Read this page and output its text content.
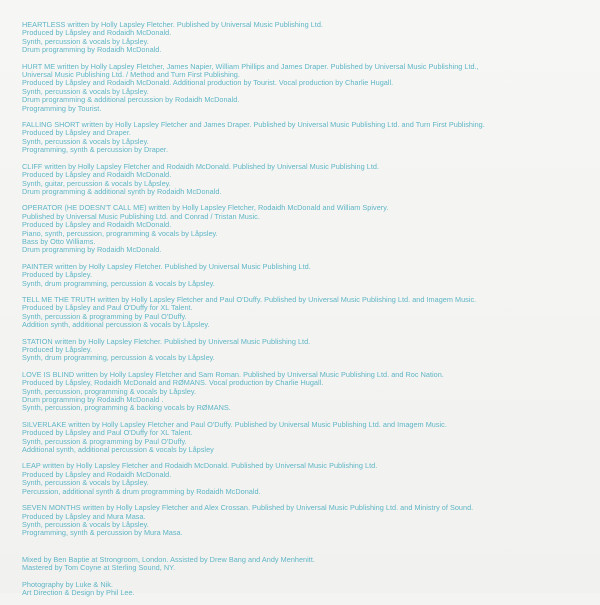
HEARTLESS written by Holly Lapsley Fletcher. Published by Universal Music Publishing Ltd.
Produced by Låpsley and Rodaidh McDonald.
Synth, percussion & vocals by Låpsley.
Drum programming by Rodaidh McDonald.
HURT ME written by Holly Lapsley Fletcher, James Napier, William Phillips and James Draper. Published by Universal Music Publishing Ltd.,
Universal Music Publishing Ltd. / Method and Turn First Publishing.
Produced by Låpsley and Rodaidh McDonald. Additional production by Tourist. Vocal production by Charlie Hugall.
Synth, percussion & vocals by Låpsley.
Drum programming & additional percussion by Rodaidh McDonald.
Programming by Tourist.
FALLING SHORT written by Holly Lapsley Fletcher and James Draper. Published by Universal Music Publishing Ltd. and Turn First Publishing.
Produced by Låpsley and Draper.
Synth, percussion & vocals by Låpsley.
Programming, synth & percussion by Draper.
CLIFF written by Holly Lapsley Fletcher and Rodaidh McDonald. Published by Universal Music Publishing Ltd.
Produced by Låpsley and Rodaidh McDonald.
Synth, guitar, percussion & vocals by Låpsley.
Drum programming & additional synth by Rodaidh McDonald.
OPERATOR (HE DOESN'T CALL ME) written by Holly Lapsley Fletcher, Rodaidh McDonald and William Spivery.
Published by Universal Music Publishing Ltd. and Conrad / Tristan Music.
Produced by Låpsley and Rodaidh McDonald.
Piano, synth, percussion, programming & vocals by Låpsley.
Bass by Otto Williams.
Drum programming by Rodaidh McDonald.
PAINTER written by Holly Lapsley Fletcher. Published by Universal Music Publishing Ltd.
Produced by Låpsley.
Synth, drum programming, percussion & vocals by Låpsley.
TELL ME THE TRUTH written by Holly Lapsley Fletcher and Paul O'Duffy. Published by Universal Music Publishing Ltd. and Imagem Music.
Produced by Låpsley and Paul O'Duffy for XL Talent.
Synth, percussion & programming by Paul O'Duffy.
Addition synth, additional percussion & vocals by Låpsley.
STATION written by Holly Lapsley Fletcher. Published by Universal Music Publishing Ltd.
Produced by Låpsley.
Synth, drum programming, percussion & vocals by Låpsley.
LOVE IS BLIND written by Holly Lapsley Fletcher and Sam Roman. Published by Universal Music Publishing Ltd. and Roc Nation.
Produced by Låpsley, Rodaidh McDonald and RØMANS. Vocal production by Charlie Hugall.
Synth, percussion, programming & vocals by Låpsley.
Drum programming by Rodaidh McDonald .
Synth, percussion, programming & backing vocals by RØMANS.
SILVERLAKE written by Holly Lapsley Fletcher and Paul O'Duffy. Published by Universal Music Publishing Ltd. and Imagem Music.
Produced by Låpsley and Paul O'Duffy for XL Talent.
Synth, percussion & programming by Paul O'Duffy.
Additional synth, additional percussion & vocals by Låpsley
LEAP written by Holly Lapsley Fletcher and Rodaidh McDonald. Published by Universal Music Publishing Ltd.
Produced by Låpsley and Rodaidh McDonald.
Synth, percussion & vocals by Låpsley.
Percussion, additional synth & drum programming by Rodaidh McDonald.
SEVEN MONTHS written by Holly Lapsley Fletcher and Alex Crossan. Published by Universal Music Publishing Ltd. and Ministry of Sound.
Produced by Låpsley and Mura Masa.
Synth, percussion & vocals by Låpsley.
Programming, synth & percussion by Mura Masa.
Mixed by Ben Baptie at Strongroom, London. Assisted by Drew Bang and Andy Menhenitt.
Mastered by Tom Coyne at Sterling Sound, NY.
Photography by Luke & Nik.
Art Direction & Design by Phil Lee.
